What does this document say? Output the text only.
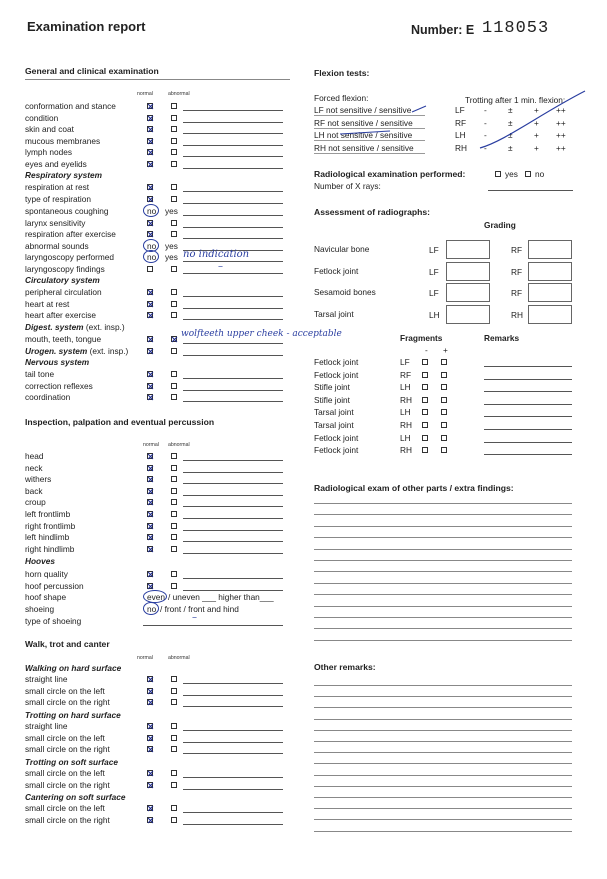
Examination report	Number: E 118053
General and clinical examination
normal	abnormal
conformation and stance
condition
skin and coat
mucous membranes
lymph nodes
eyes and eyelids
Respiratory system
respiration at rest
type of respiration
spontaneous coughing	no yes
larynx sensitivity
respiration after exercise
abnormal sounds	no yes
laryngoscopy performed	no yes no indication
laryngoscopy findings	–
Circulatory system
peripheral circulation
heart at rest
heart after exercise
Digest. system (ext. insp.)
mouth, teeth, tongue	wolfteeth upper cheek - acceptable
Urogen. system (ext. insp.)
Nervous system
tail tone
correction reflexes
coordination
Inspection, palpation and eventual percussion
normal abnormal
head
neck
withers
back
croup
left frontlimb
right frontlimb
left hindlimb
right hindlimb
Hooves
horn quality
hoof percussion
hoof shape	even / uneven ___ higher than___
shoeing	no / front / front and hind
type of shoeing	–
Walk, trot and canter
normal	abnormal
Walking on hard surface
straight line
small circle on the left
small circle on the right
Trotting on hard surface
straight line
small circle on the left
small circle on the right
Trotting on soft surface
small circle on the left
small circle on the right
Cantering on soft surface
small circle on the left
small circle on the right
Flexion tests:
Forced flexion:	Trotting after 1 min. flexion:
LF not sensitive / sensitive	LF -	±	+ ++
RF not sensitive / sensitive	RF -	±	+ ++
LH not sensitive / sensitive	LH -	±	+ ++
RH not sensitive / sensitive	RH -	±	+ ++
Radiological examination performed:	yes no
Number of X rays:
Assessment of radiographs:
Grading
Navicular bone	LF	RF
Fetlock joint	LF	RF
Sesamoid bones	LF	RF
Tarsal joint	LH	RH
Fragments	Remarks
- +
Fetlock joint	LF
Fetlock joint	RF
Stifle joint	LH
Stifle joint	RH
Tarsal joint	LH
Tarsal joint	RH
Fetlock joint	LH
Fetlock joint	RH
Radiological exam of other parts / extra findings:
Other remarks:
